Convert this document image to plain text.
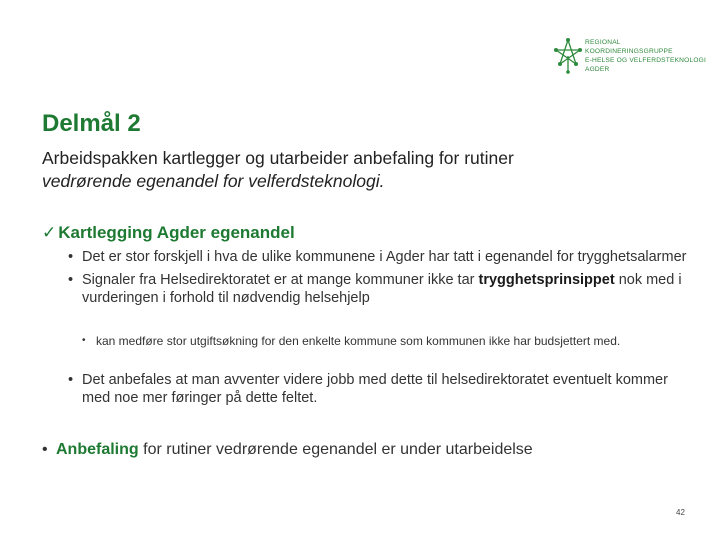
REGIONAL
KOORDINERINGSGRUPPE
E-HELSE OG VELFERDSTEKNOLOGI
AGDER
Delmål 2
Arbeidspakken kartlegger og utarbeider anbefaling for rutiner
vedrørende egenandel for velferdsteknologi.
✓ Kartlegging Agder egenandel
• Det er stor forskjell i hva de ulike kommunene i Agder har tatt i egenandel for trygghetsalarmer
• Signaler fra Helsedirektoratet er at mange kommuner ikke tar trygghetsprinsippet nok med i vurderingen i forhold til nødvendig helsehjelp
• kan medføre stor utgiftsøkning for den enkelte kommune som kommunen ikke har budsjettert med.
• Det anbefales at man avventer videre jobb med dette til helsedirektoratet eventuelt kommer med noe mer føringer på dette feltet.
• Anbefaling for rutiner vedrørende egenandel er under utarbeidelse
42
